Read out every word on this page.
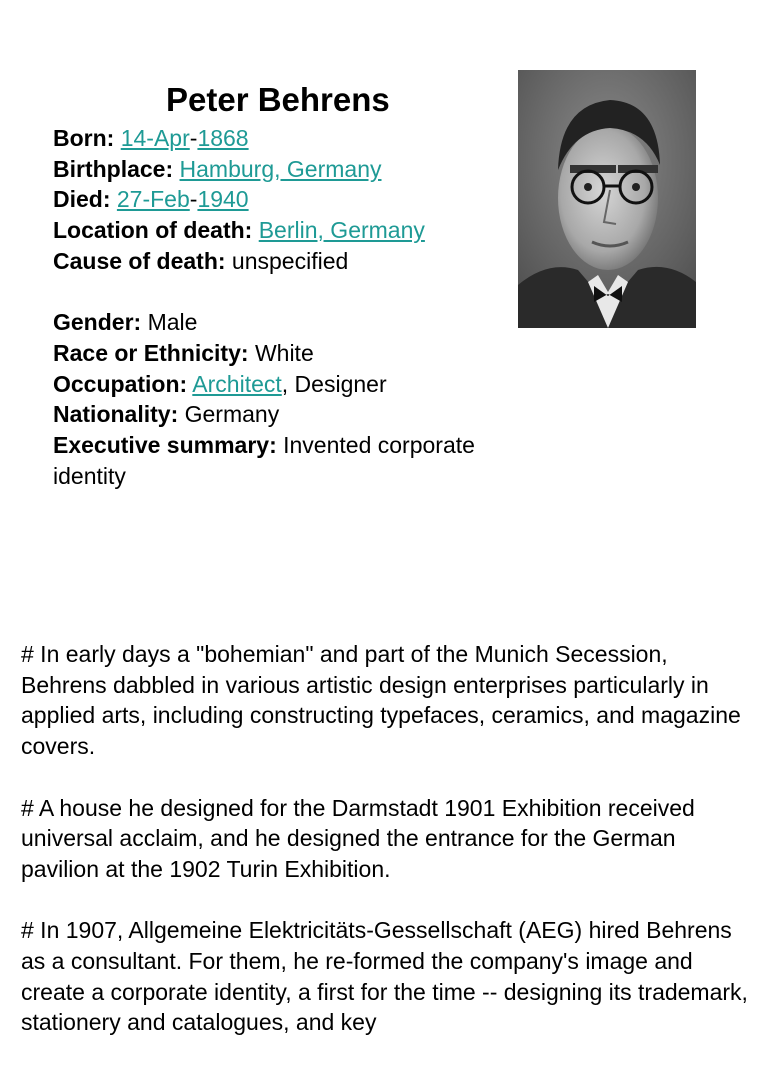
Peter Behrens
Born: 14-Apr-1868
Birthplace: Hamburg, Germany
Died: 27-Feb-1940
Location of death: Berlin, Germany
Cause of death: unspecified
Gender: Male
Race or Ethnicity: White
Occupation: Architect, Designer
Nationality: Germany
Executive summary: Invented corporate identity

# In early days a "bohemian" and part of the Munich Secession, Behrens dabbled in various artistic design enterprises particularly in applied arts, including constructing typefaces, ceramics, and magazine covers.

# A house he designed for the Darmstadt 1901 Exhibition received universal acclaim, and he designed the entrance for the German pavilion at the 1902 Turin Exhibition.

# In 1907, Allgemeine Elektricitäts-Gessellschaft (AEG) hired Behrens as a consultant. For them, he re-formed the company's image and create a corporate identity, a first for the time -- designing its trademark, stationery and catalogues, and key
